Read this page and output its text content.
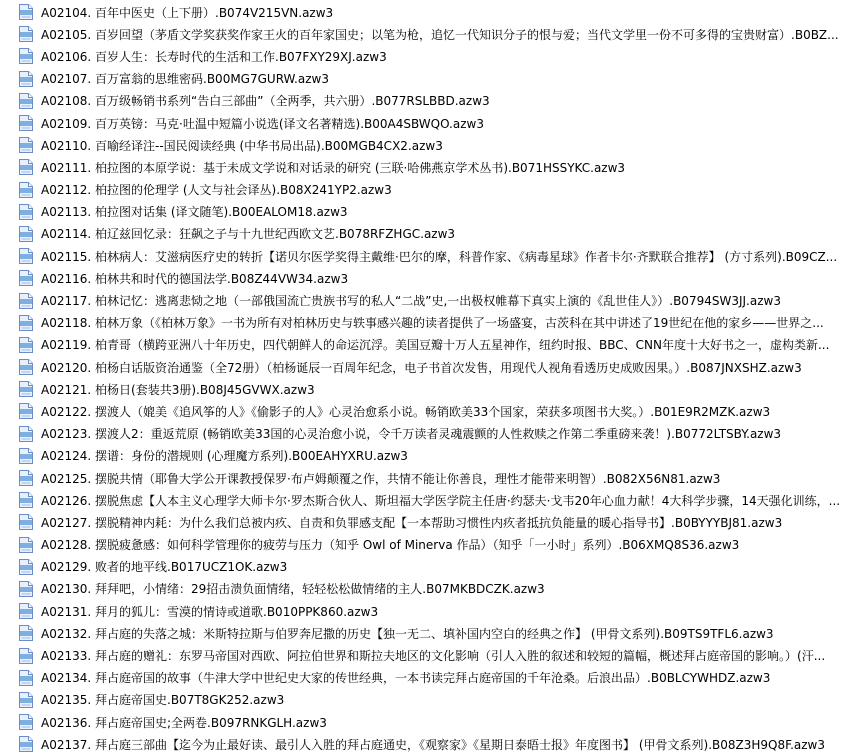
A02104. 百年中医史（上下册）.B074V215VN.azw3
A02105. 百岁回望（茅盾文学奖获奖作家王火的百年家国史；以笔为枪，追忆一代知识分子的恨与爱；当代文学里一份不可多得的宝贵财富）.B0BZ...
A02106. 百岁人生：长寿时代的生活和工作.B07FXY29XJ.azw3
A02107. 百万富翁的思维密码.B00MG7GURW.azw3
A02108. 百万级畅销书系列“告白三部曲”（全两季，共六册）.B077RSLBBD.azw3
A02109. 百万英镑：马克·吐温中短篇小说选(译文名著精选).B00A4SBWQO.azw3
A02110. 百喻经译注--国民阅读经典 (中华书局出品).B00MGB4CX2.azw3
A02111. 柏拉图的本原学说：基于未成文学说和对话录的研究 (三联·哈佛燕京学术丛书).B071HSSYKC.azw3
A02112. 柏拉图的伦理学 (人文与社会译丛).B08X241YP2.azw3
A02113. 柏拉图对话集 (译文随笔).B00EALOM18.azw3
A02114. 柏辽兹回忆录：狂飙之子与十九世纪西欧文艺.B078RFZHGC.azw3
A02115. 柏林病人：艾滋病医疗史的转折【诺贝尔医学奖得主戴维·巴尔的摩，科普作家、《病毒星球》作者卡尔·齐默联合推荐】 (方寸系列).B09CZ...
A02116. 柏林共和时代的德国法学.B08Z44VW34.azw3
A02117. 柏林记忆：逃离悲恸之地（一部俄国流亡贵族书写的私人“二战”史,一出极权帷幕下真实上演的《乱世佳人》）.B0794SW3JJ.azw3
A02118. 柏林万象（《柏林万象》一书为所有对柏林历史与轶事感兴趣的读者提供了一场盛宴，古茨科在其中讲述了19世纪在他的家乡——世界之...
A02119. 柏青哥（横跨亚洲八十年历史，四代朝鲜人的命运沉浮。美国豆瓣十万人五星神作，纽约时报、BBC、CNN年度十大好书之一，虚构类新...
A02120. 柏杨白话版资治通鉴（全72册）（柏杨诞辰一百周年纪念，电子书首次发售，用现代人视角看透历史成败因果。）.B087JNXSHZ.azw3
A02121. 柏杨日(套装共3册).B08J45GVWX.azw3
A02122. 摆渡人（媲美《追风筝的人》《偷影子的人》心灵治愈系小说。畅销欧美33个国家，荣获多项图书大奖。）.B01E9R2MZK.azw3
A02123. 摆渡人2：重返荒原 (畅销欧美33国的心灵治愈小说，令千万读者灵魂震颤的人性救赎之作第二季重磅来袭！).B0772LTSBY.azw3
A02124. 摆谱：身份的潜规则 (心理魔方系列).B00EAHYXRU.azw3
A02125. 摆脱共情（耶鲁大学公开课教授保罗·布卢姆颠覆之作，共情不能让你善良，理性才能带来明智）.B082X56N81.azw3
A02126. 摆脱焦虑【人本主义心理学大师卡尔·罗杰斯合伙人、斯坦福大学医学院主任唐·约瑟夫·戈韦20年心血力献！4大科学步骤，14天强化训练，...
A02127. 摆脱精神内耗：为什么我们总被内疚、自责和负罪感支配【一本帮助习惯性内疚者抵抗负能量的暖心指导书】.B0BYYYBJ81.azw3
A02128. 摆脱疲惫感：如何科学管理你的疲劳与压力（知乎 Owl of Minerva 作品）（知乎「一小时」系列）.B06XMQ8S36.azw3
A02129. 败者的地平线.B017UCZ1OK.azw3
A02130. 拜拜吧，小情绪：29招击溃负面情绪，轻轻松松做情绪的主人.B07MKBDCZK.azw3
A02131. 拜月的狐儿：雪漠的情诗或道歌.B010PPK860.azw3
A02132. 拜占庭的失落之城：米斯特拉斯与伯罗奔尼撒的历史【独一无二、填补国内空白的经典之作】 (甲骨文系列).B09TS9TFL6.azw3
A02133. 拜占庭的赠礼：东罗马帝国对西欧、阿拉伯世界和斯拉夫地区的文化影响（引人入胜的叙述和较短的篇幅，概述拜占庭帝国的影响。）(汗...
A02134. 拜占庭帝国的故事（牛津大学中世纪史大家的传世经典，一本书读完拜占庭帝国的千年沧桑。后浪出品）.B0BLCYWHDZ.azw3
A02135. 拜占庭帝国史.B07T8GK252.azw3
A02136. 拜占庭帝国史;全两卷.B097RNKGLH.azw3
A02137. 拜占庭三部曲【迄今为止最好读、最引人入胜的拜占庭通史，《观察家》《星期日泰晤士报》年度图书】 (甲骨文系列).B08Z3H9Q8F.azw3
